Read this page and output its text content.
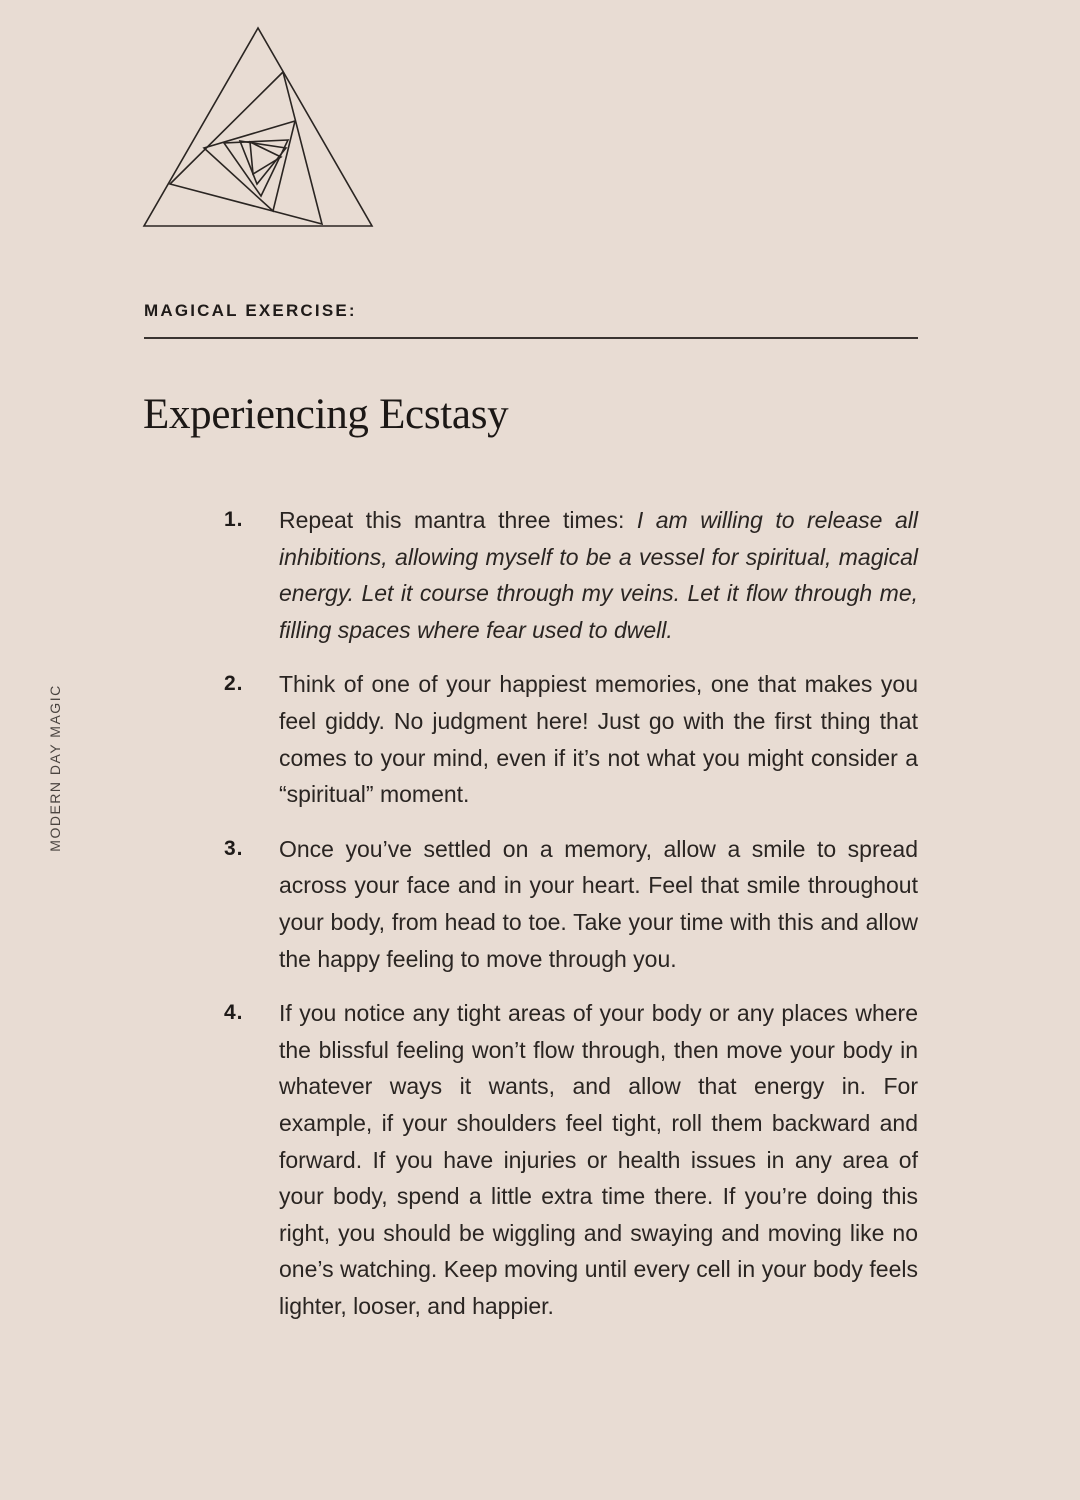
MODERN DAY MAGIC
MAGICAL EXERCISE:
Experiencing Ecstasy
1. Repeat this mantra three times: I am willing to release all inhibitions, allowing myself to be a vessel for spiritual, magical energy. Let it course through my veins. Let it flow through me, filling spaces where fear used to dwell.
2. Think of one of your happiest memories, one that makes you feel giddy. No judgment here! Just go with the first thing that comes to your mind, even if it’s not what you might consider a “spiritual” moment.
3. Once you’ve settled on a memory, allow a smile to spread across your face and in your heart. Feel that smile throughout your body, from head to toe. Take your time with this and allow the happy feeling to move through you.
4. If you notice any tight areas of your body or any places where the blissful feeling won’t flow through, then move your body in whatever ways it wants, and allow that energy in. For example, if your shoulders feel tight, roll them backward and forward. If you have injuries or health issues in any area of your body, spend a little extra time there. If you’re doing this right, you should be wiggling and swaying and moving like no one’s watching. Keep moving until every cell in your body feels lighter, looser, and happier.
